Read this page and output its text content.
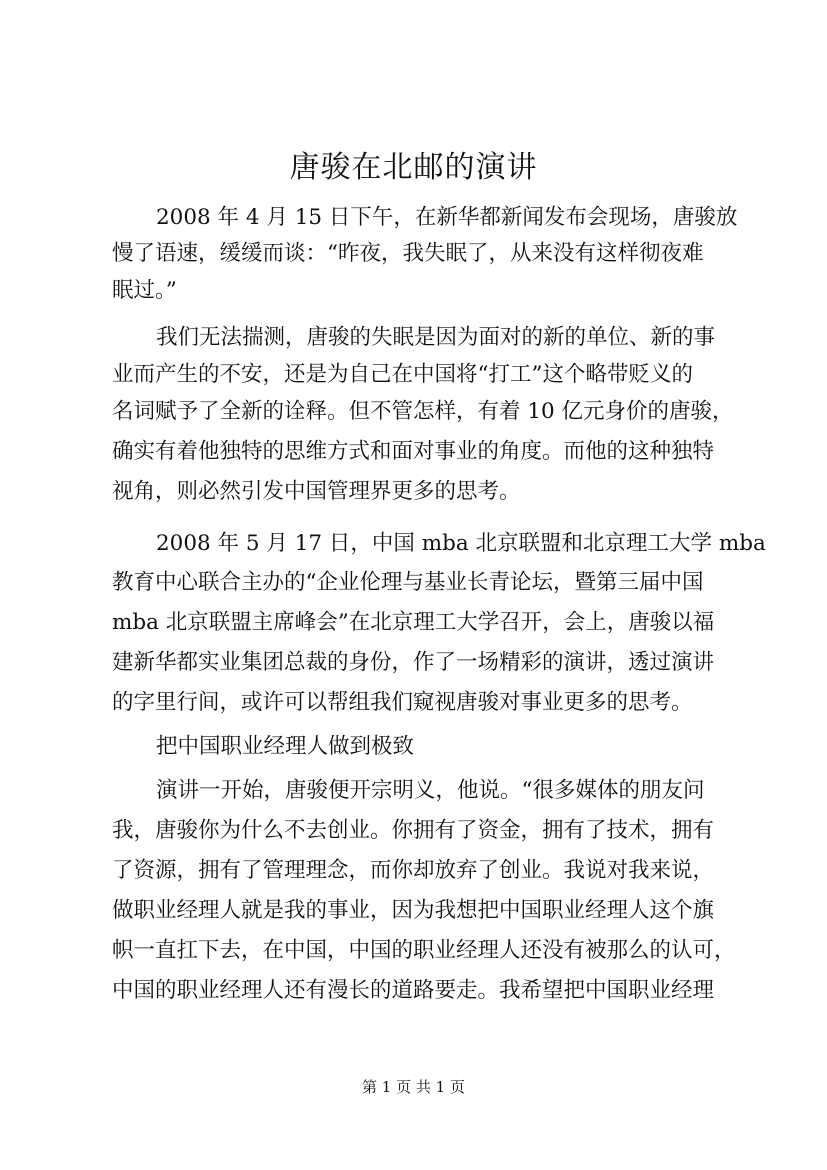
唐骏在北邮的演讲
2008 年 4 月 15 日下午，在新华都新闻发布会现场，唐骏放
慢了语速，缓缓而谈：“昨夜，我失眠了，从来没有这样彻夜难
眠过。”
我们无法揣测，唐骏的失眠是因为面对的新的单位、新的事
业而产生的不安，还是为自己在中国将“打工”这个略带贬义的
名词赋予了全新的诠释。但不管怎样，有着 10 亿元身价的唐骏，
确实有着他独特的思维方式和面对事业的角度。而他的这种独特
视角，则必然引发中国管理界更多的思考。
2008 年 5 月 17 日，中国 mba 北京联盟和北京理工大学 mba
教育中心联合主办的“企业伦理与基业长青论坛，暨第三届中国
mba 北京联盟主席峰会”在北京理工大学召开，会上，唐骏以福
建新华都实业集团总裁的身份，作了一场精彩的演讲，透过演讲
的字里行间，或许可以帮组我们窥视唐骏对事业更多的思考。
把中国职业经理人做到极致
演讲一开始，唐骏便开宗明义，他说。“很多媒体的朋友问
我，唐骏你为什么不去创业。你拥有了资金，拥有了技术，拥有
了资源，拥有了管理理念，而你却放弃了创业。我说对我来说，
做职业经理人就是我的事业，因为我想把中国职业经理人这个旗
帜一直扛下去，在中国，中国的职业经理人还没有被那么的认可，
中国的职业经理人还有漫长的道路要走。我希望把中国职业经理
第 1 页 共 1 页
